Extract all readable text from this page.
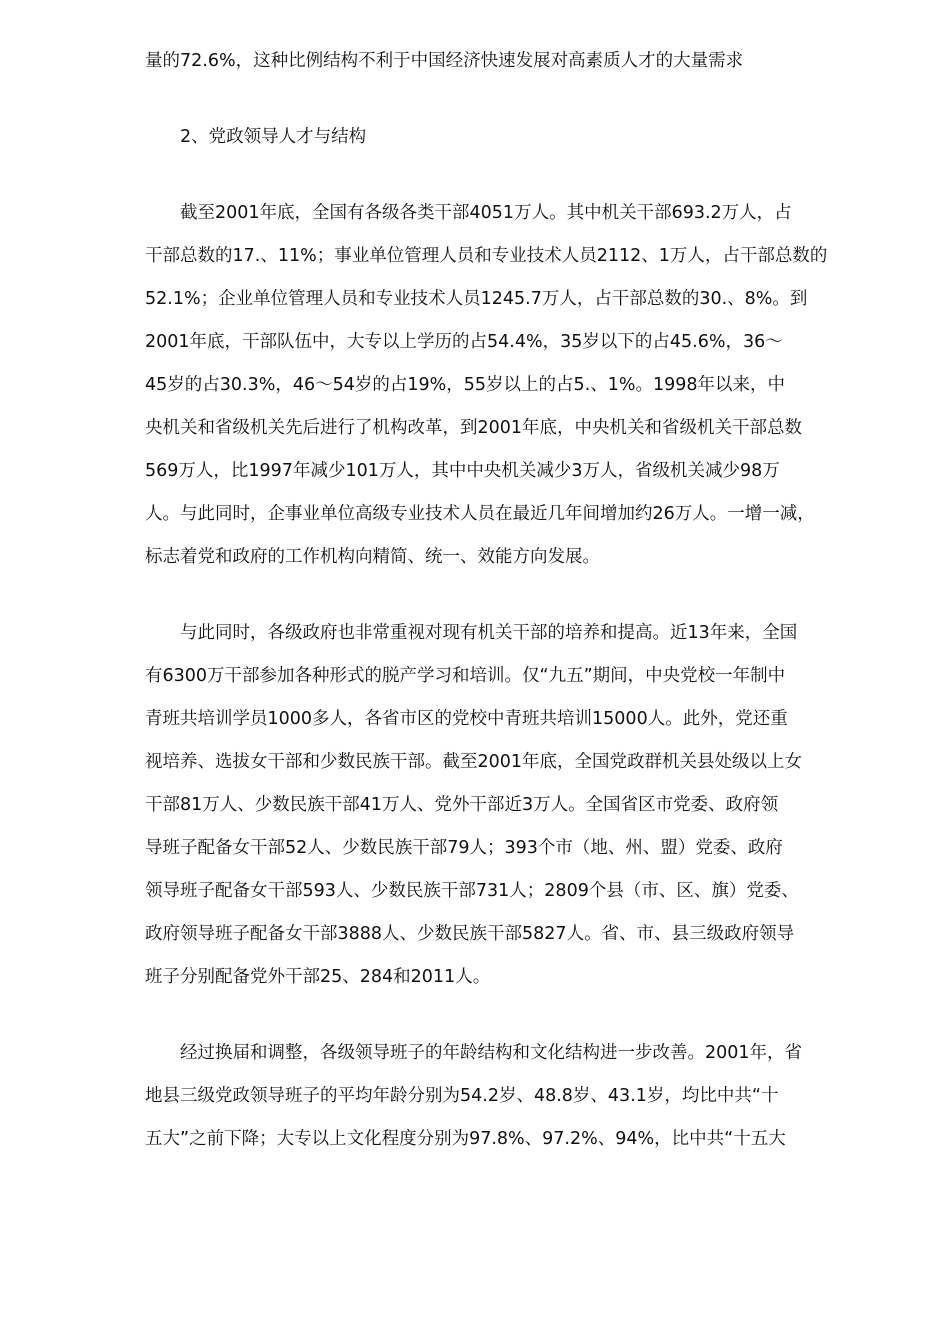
量的72.6%，这种比例结构不利于中国经济快速发展对高素质人才的大量需求
　　2、党政领导人才与结构
　　截至2001年底，全国有各级各类干部4051万人。其中机关干部693.2万人，占
干部总数的17.、11%；事业单位管理人员和专业技术人员2112、1万人，占干部总数的
52.1%；企业单位管理人员和专业技术人员1245.7万人，占干部总数的30.、8%。到
2001年底，干部队伍中，大专以上学历的占54.4%，35岁以下的占45.6%，36～
45岁的占30.3%，46～54岁的占19%，55岁以上的占5.、1%。1998年以来，中
央机关和省级机关先后进行了机构改革，到2001年底，中央机关和省级机关干部总数
569万人，比1997年减少101万人，其中中央机关减少3万人，省级机关减少98万
人。与此同时，企事业单位高级专业技术人员在最近几年间增加约26万人。一增一减，
标志着党和政府的工作机构向精简、统一、效能方向发展。
　　与此同时，各级政府也非常重视对现有机关干部的培养和提高。近13年来，全国
有6300万干部参加各种形式的脱产学习和培训。仅“九五”期间，中央党校一年制中
青班共培训学员1000多人，各省市区的党校中青班共培训15000人。此外，党还重
视培养、选拔女干部和少数民族干部。截至2001年底，全国党政群机关县处级以上女
干部81万人、少数民族干部41万人、党外干部近3万人。全国省区市党委、政府领
导班子配备女干部52人、少数民族干部79人；393个市（地、州、盟）党委、政府
领导班子配备女干部593人、少数民族干部731人；2809个县（市、区、旗）党委、
政府领导班子配备女干部3888人、少数民族干部5827人。省、市、县三级政府领导
班子分别配备党外干部25、284和2011人。
　　经过换届和调整，各级领导班子的年龄结构和文化结构进一步改善。2001年，省
地县三级党政领导班子的平均年龄分别为54.2岁、48.8岁、43.1岁，均比中共“十
五大”之前下降；大专以上文化程度分别为97.8%、97.2%、94%，比中共“十五大
